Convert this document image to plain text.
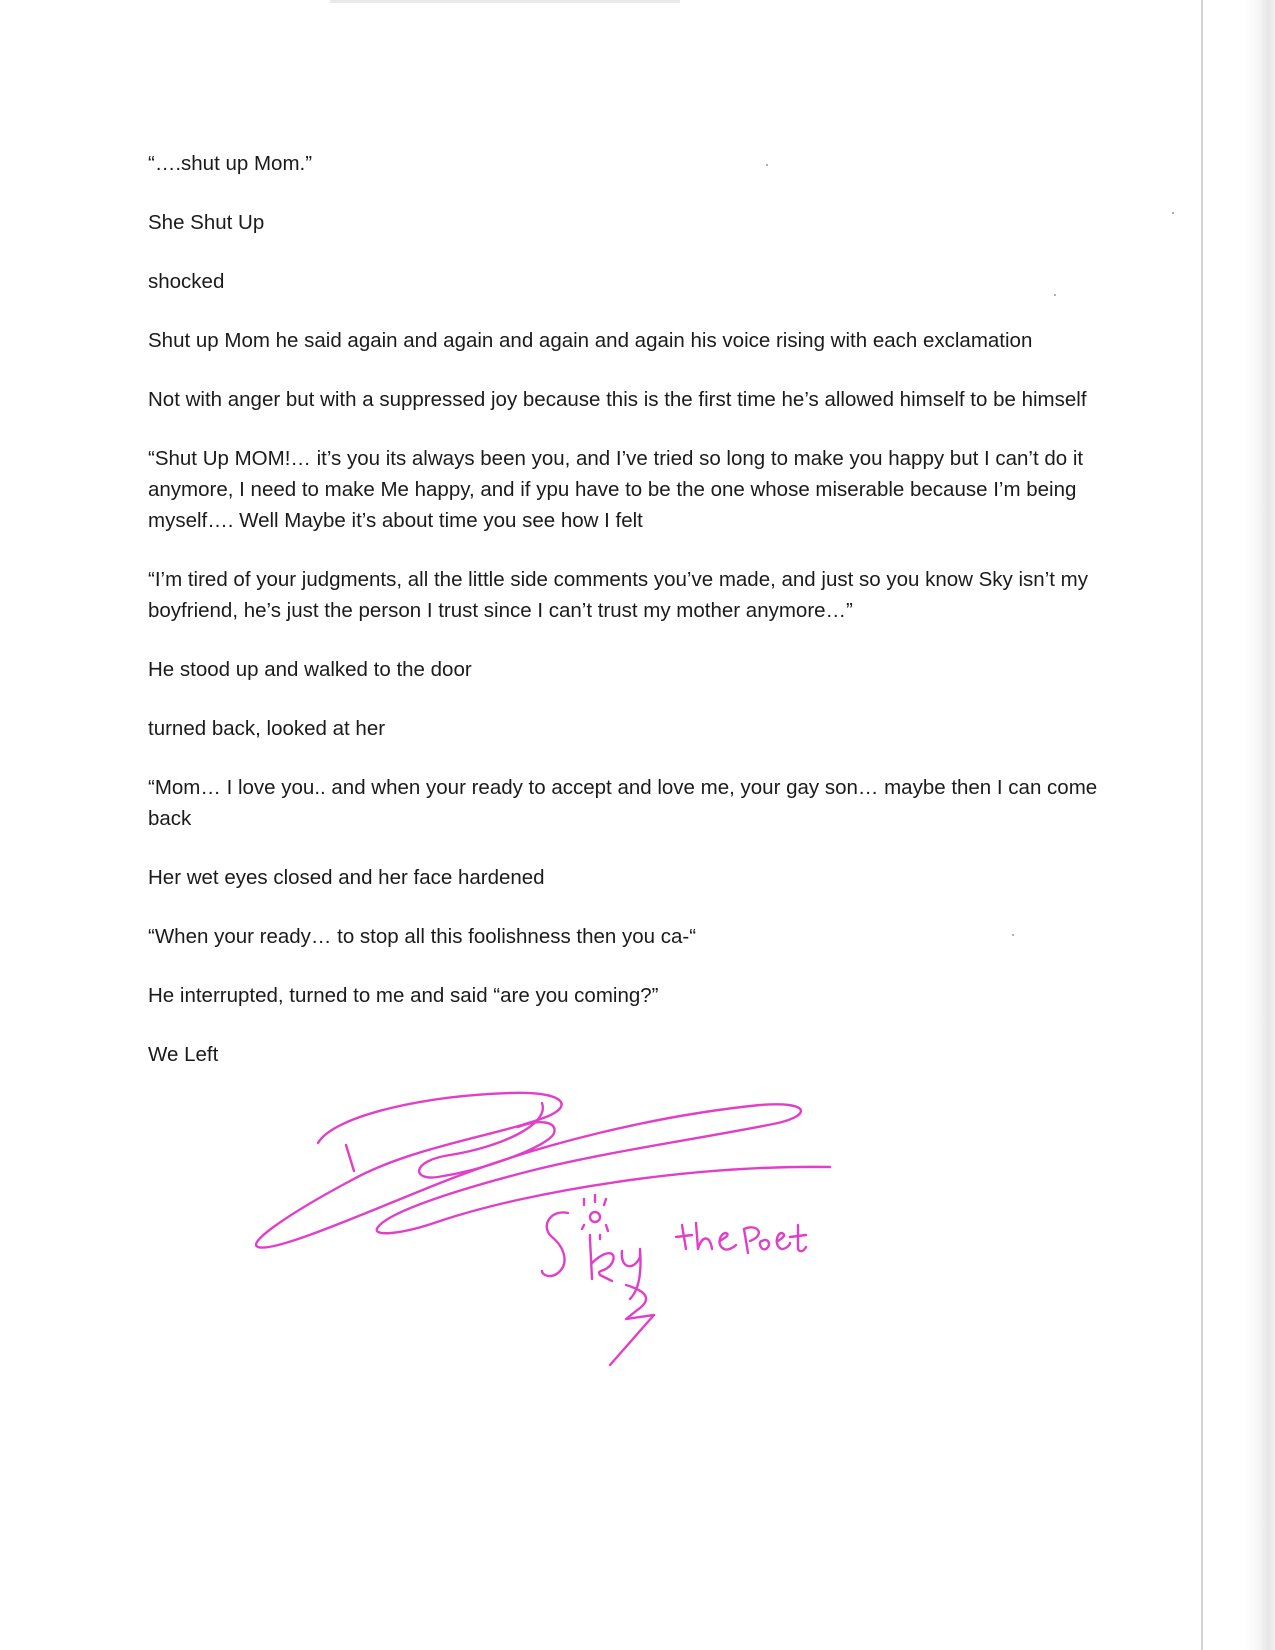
“….shut up Mom.”

She Shut Up

shocked

Shut up Mom he said again and again and again and again his voice rising with each exclamation

Not with anger but with a suppressed joy because this is the first time he’s allowed himself to be himself

“Shut Up MOM!… it’s you its always been you, and I’ve tried so long to make you happy but I can’t do it anymore, I need to make Me happy, and if ypu have to be the one whose miserable because I’m being myself…. Well Maybe it’s about time you see how I felt

“I’m tired of your judgments, all the little side comments you’ve made, and just so you know Sky isn’t my boyfriend, he’s just the person I trust since I can’t trust my mother anymore…”

He stood up and walked to the door

turned back, looked at her

“Mom… I love you.. and when your ready to accept and love me, your gay son… maybe then I can come back

Her wet eyes closed and her face hardened

“When your ready… to stop all this foolishness then you ca-“

He interrupted, turned to me and said “are you coming?”

We Left
